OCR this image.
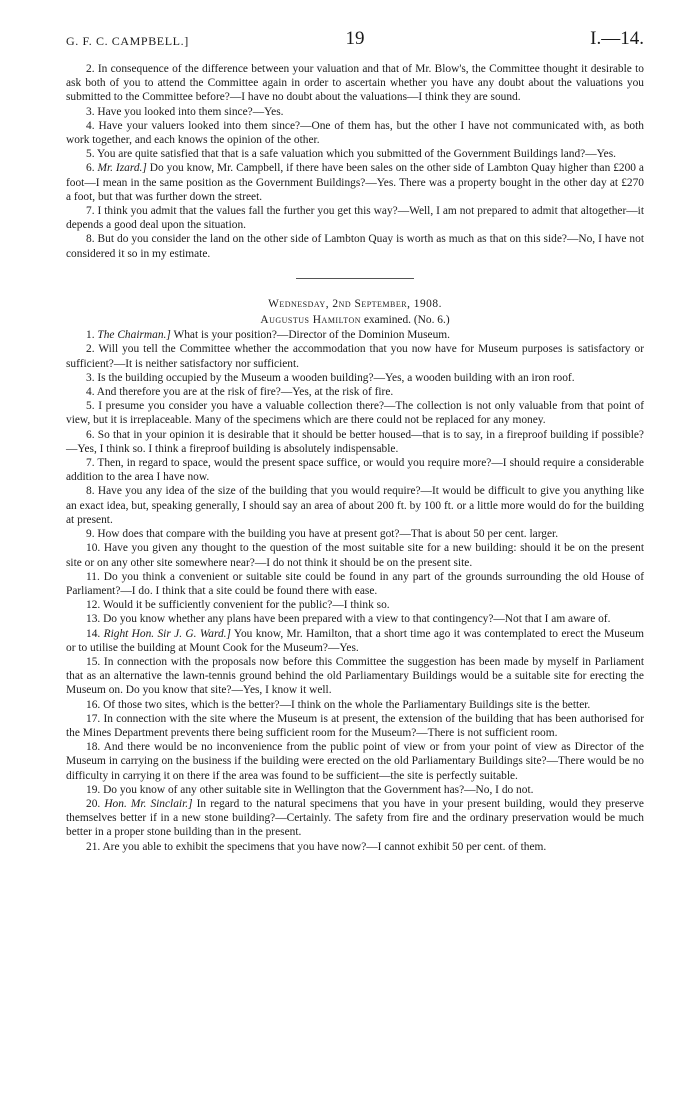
G. F. C. CAMPBELL.]	19	I.—14.

2. In consequence of the difference between your valuation and that of Mr. Blow's, the Committee thought it desirable to ask both of you to attend the Committee again in order to ascertain whether you have any doubt about the valuations you submitted to the Committee before?—I have no doubt about the valuations—I think they are sound.

3. Have you looked into them since?—Yes.

4. Have your valuers looked into them since?—One of them has, but the other I have not communicated with, as both work together, and each knows the opinion of the other.

5. You are quite satisfied that that is a safe valuation which you submitted of the Government Buildings land?—Yes.

6. Mr. Izard.] Do you know, Mr. Campbell, if there have been sales on the other side of Lambton Quay higher than £200 a foot—I mean in the same position as the Government Buildings?—Yes. There was a property bought in the other day at £270 a foot, but that was further down the street.

7. I think you admit that the values fall the further you get this way?—Well, I am not prepared to admit that altogether—it depends a good deal upon the situation.

8. But do you consider the land on the other side of Lambton Quay is worth as much as that on this side?—No, I have not considered it so in my estimate.

Wednesday, 2nd September, 1908.
Augustus Hamilton examined. (No. 6.)

1. The Chairman.] What is your position?—Director of the Dominion Museum.

2. Will you tell the Committee whether the accommodation that you now have for Museum purposes is satisfactory or sufficient?—It is neither satisfactory nor sufficient.

3. Is the building occupied by the Museum a wooden building?—Yes, a wooden building with an iron roof.

4. And therefore you are at the risk of fire?—Yes, at the risk of fire.

5. I presume you consider you have a valuable collection there?—The collection is not only valuable from that point of view, but it is irreplaceable. Many of the specimens which are there could not be replaced for any money.

6. So that in your opinion it is desirable that it should be better housed—that is to say, in a fireproof building if possible?—Yes, I think so. I think a fireproof building is absolutely indispensable.

7. Then, in regard to space, would the present space suffice, or would you require more?—I should require a considerable addition to the area I have now.

8. Have you any idea of the size of the building that you would require?—It would be difficult to give you anything like an exact idea, but, speaking generally, I should say an area of about 200 ft. by 100 ft. or a little more would do for the building at present.

9. How does that compare with the building you have at present got?—That is about 50 per cent. larger.

10. Have you given any thought to the question of the most suitable site for a new building: should it be on the present site or on any other site somewhere near?—I do not think it should be on the present site.

11. Do you think a convenient or suitable site could be found in any part of the grounds surrounding the old House of Parliament?—I do. I think that a site could be found there with ease.

12. Would it be sufficiently convenient for the public?—I think so.

13. Do you know whether any plans have been prepared with a view to that contingency?—Not that I am aware of.

14. Right Hon. Sir J. G. Ward.] You know, Mr. Hamilton, that a short time ago it was contemplated to erect the Museum or to utilise the building at Mount Cook for the Museum?—Yes.

15. In connection with the proposals now before this Committee the suggestion has been made by myself in Parliament that as an alternative the lawn-tennis ground behind the old Parliamentary Buildings would be a suitable site for erecting the Museum on. Do you know that site?—Yes, I know it well.

16. Of those two sites, which is the better?—I think on the whole the Parliamentary Buildings site is the better.

17. In connection with the site where the Museum is at present, the extension of the building that has been authorised for the Mines Department prevents there being sufficient room for the Museum?—There is not sufficient room.

18. And there would be no inconvenience from the public point of view or from your point of view as Director of the Museum in carrying on the business if the building were erected on the old Parliamentary Buildings site?—There would be no difficulty in carrying it on there if the area was found to be sufficient—the site is perfectly suitable.

19. Do you know of any other suitable site in Wellington that the Government has?—No, I do not.

20. Hon. Mr. Sinclair.] In regard to the natural specimens that you have in your present building, would they preserve themselves better if in a new stone building?—Certainly. The safety from fire and the ordinary preservation would be much better in a proper stone building than in the present.

21. Are you able to exhibit the specimens that you have now?—I cannot exhibit 50 per cent. of them.
